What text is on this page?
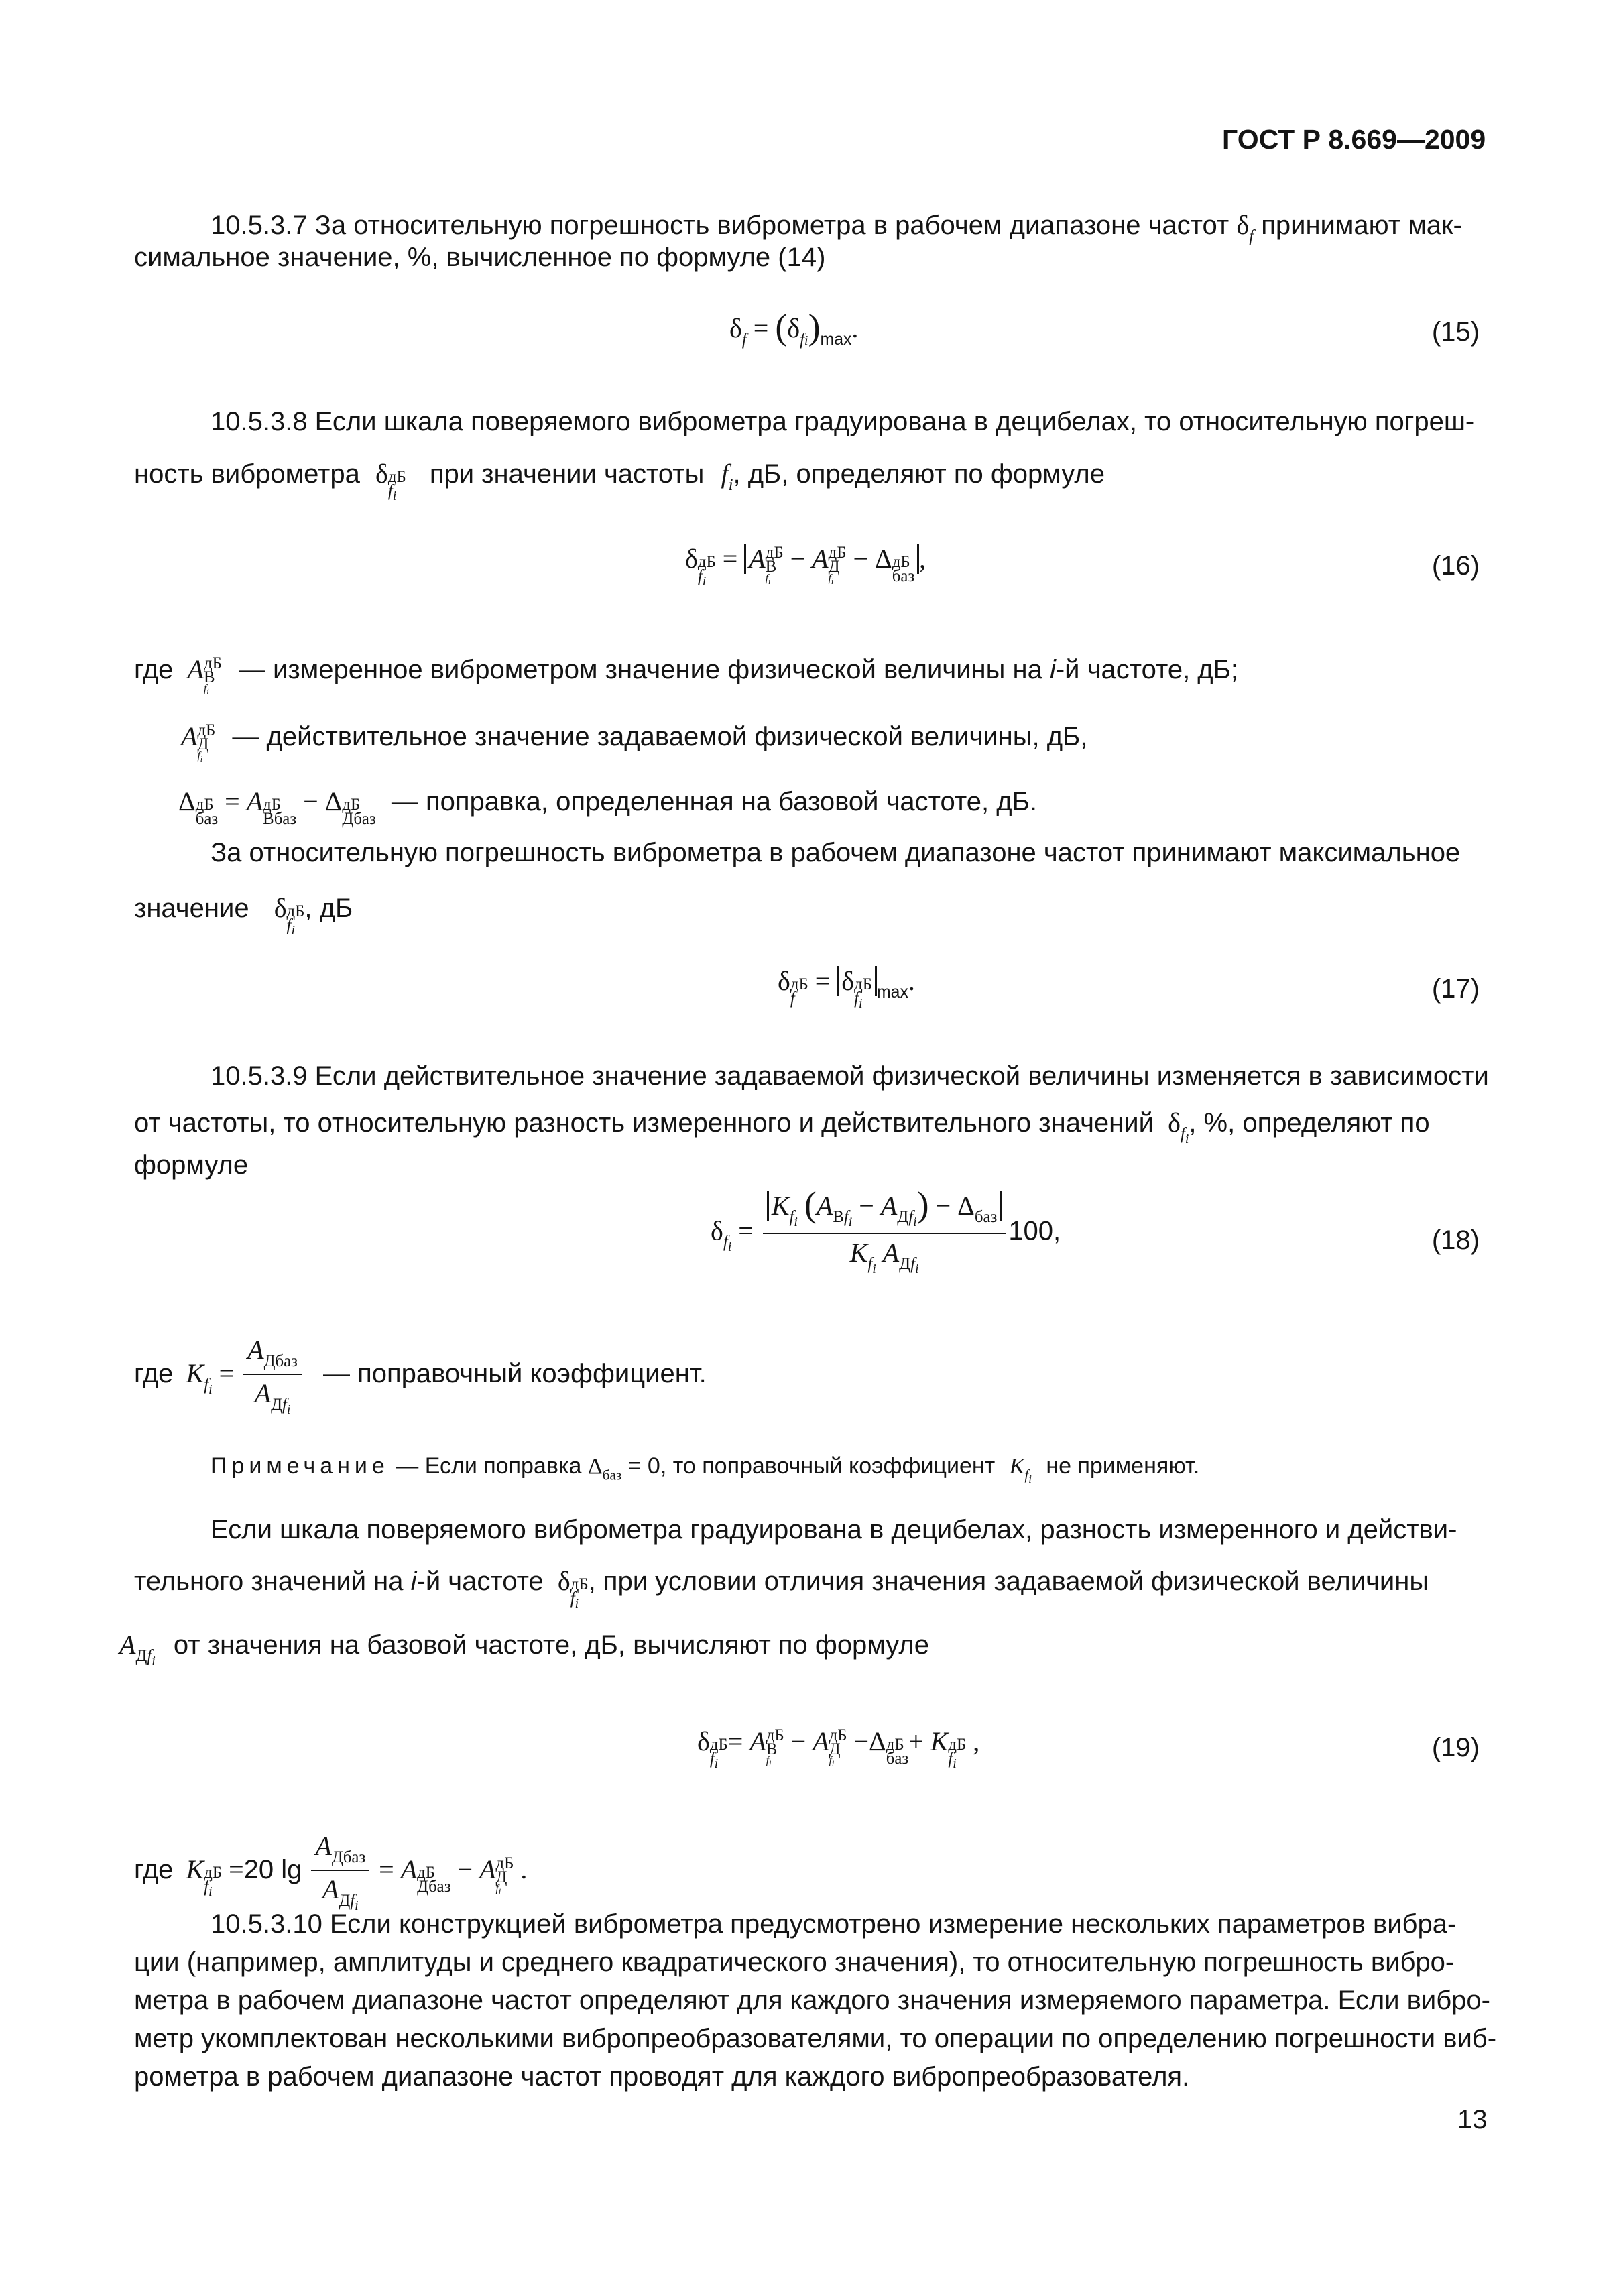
ГОСТ Р 8.669—2009
10.5.3.7 За относительную погрешность виброметра в рабочем диапазоне частот $\delta_f$ принимают мак-
симальное значение, %, вычисленное по формуле (14)
$\delta_f = (\delta_{fi})_{max}$.	(15)
10.5.3.8 Если шкала поверяемого виброметра градуирована в децибелах, то относительную погреш-
ность виброметра δ дБ
$f_i$
при значении частоты $f_i$, дБ, определяют по формуле
δ дБ
$f_i$
= A дБ
В
$f_i$
− A дБ
Д
$f_i$
− Δ дБ
баз
,	(16)
где A дБ
В
$f_i$
— измеренное виброметром значение физической величины на i-й частоте, дБ;
A дБ
Д
$f_i$
— действительное значение задаваемой физической величины, дБ,
Δ дБ
баз
= A дБ
Вбаз
− Δ дБ
Дбаз
— поправка, определенная на базовой частоте, дБ.
За относительную погрешность виброметра в рабочем диапазоне частот принимают максимальное
значение δ дБ
$f_i$
, дБ
δ дБ
f
= δ дБ
$f_i$
$_{max}$.	(17)
10.5.3.9 Если действительное значение задаваемой физической величины изменяется в зависимости
от частоты, то относительную разность измеренного и действительного значений $\delta_{f_i}$, %, определяют по
формуле
$\delta_{f_i} = \frac{K_{f_i} (A_{Вf_i} - A_{Дf_i}) - \Delta_{баз}}{K_{f_i} A_{Дf_i}} 100$,	(18)
где $K_{f_i} = \frac{A_{Дбаз}}{A_{Дf_i}}$ — поправочный коэффициент.
Примечание — Если поправка $\Delta_{баз} = 0$, то поправочный коэффициент $K_{f_i}$ не применяют.
Если шкала поверяемого виброметра градуирована в децибелах, разность измеренного и действи-
тельного значений на i-й частоте δ дБ
$f_i$
, при условии отличия значения задаваемой физической величины
$A_{Дf_i}$ от значения на базовой частоте, дБ, вычисляют по формуле
δ дБ
$f_i$
= A дБ
В
$f_i$
− A дБ
Д
$f_i$
−Δ дБ
баз
+ K дБ
$f_i$
,	(19)
где K дБ
$f_i$
=20 $\lg \frac{A_{Дбаз}}{A_{Дf_i}} = A$ дБ
Дбаз
− A дБ
Д
$f_i$
.
10.5.3.10 Если конструкцией виброметра предусмотрено измерение нескольких параметров вибра-
ции (например, амплитуды и среднего квадратического значения), то относительную погрешность вибро-
метра в рабочем диапазоне частот определяют для каждого значения измеряемого параметра. Если вибро-
метр укомплектован несколькими вибропреобразователями, то операции по определению погрешности виб-
рометра в рабочем диапазоне частот проводят для каждого вибропреобразователя.
13
